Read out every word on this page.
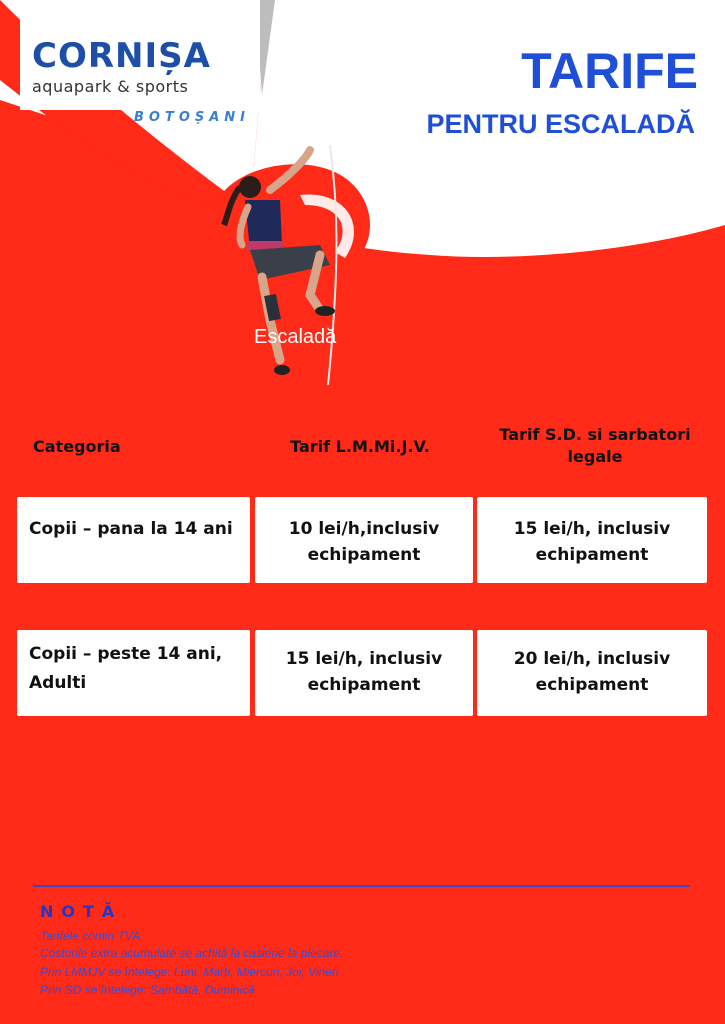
CORNIȘA
aquapark & sports
BOTOȘANI
TARIFE
PENTRU ESCALADĂ
Escaladă
Categoria	Tarif L.M.Mi.J.V.
Tarif S.D. si sarbatori legale
Copii – pana la 14 ani	10 lei/h,inclusiv echipament
15 lei/h, inclusiv echipament
Copii – peste 14 ani, Adulti
15 lei/h, inclusiv echipament
20 lei/h, inclusiv echipament
NOTĂ
Tarifele contin TVA
Costurile extra acumulate se achită la casierie la plecare.
Prin LMMJV se întelege: Luni, Marți, Miercuri, Joi, Vineri
Prin SD se întelege: Sambătă, Duminică
